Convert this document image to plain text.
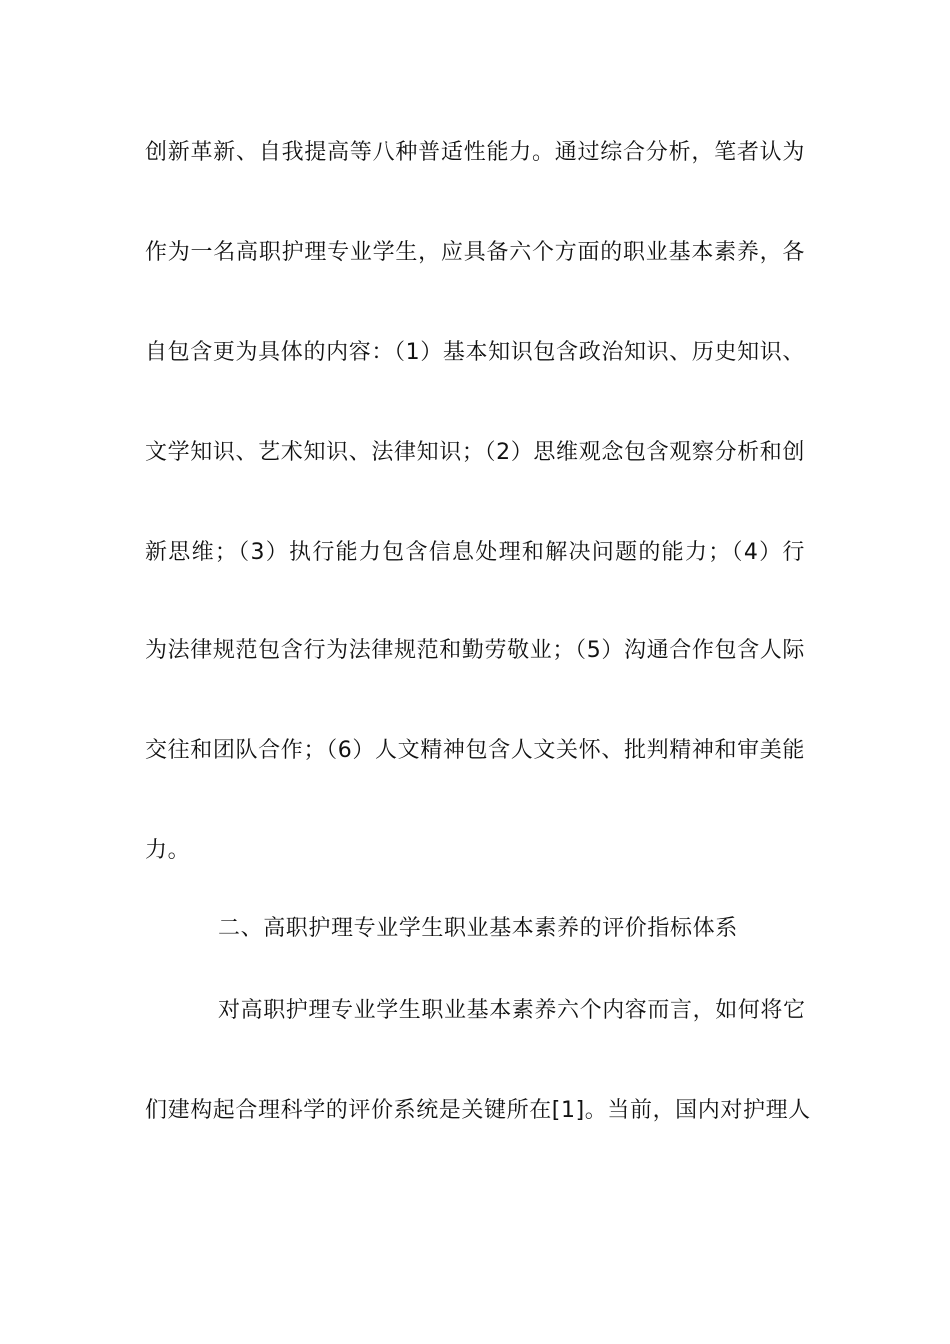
创新革新、自我提高等八种普适性能力。通过综合分析，笔者认为
作为一名高职护理专业学生，应具备六个方面的职业基本素养，各
自包含更为具体的内容：（1）基本知识包含政治知识、历史知识、
文学知识、艺术知识、法律知识；（2）思维观念包含观察分析和创
新思维；（3）执行能力包含信息处理和解决问题的能力；（4）行
为法律规范包含行为法律规范和勤劳敬业；（5）沟通合作包含人际
交往和团队合作；（6）人文精神包含人文关怀、批判精神和审美能
力。
二、高职护理专业学生职业基本素养的评价指标体系
对高职护理专业学生职业基本素养六个内容而言，如何将它
们建构起合理科学的评价系统是关键所在[1]。当前，国内对护理人
